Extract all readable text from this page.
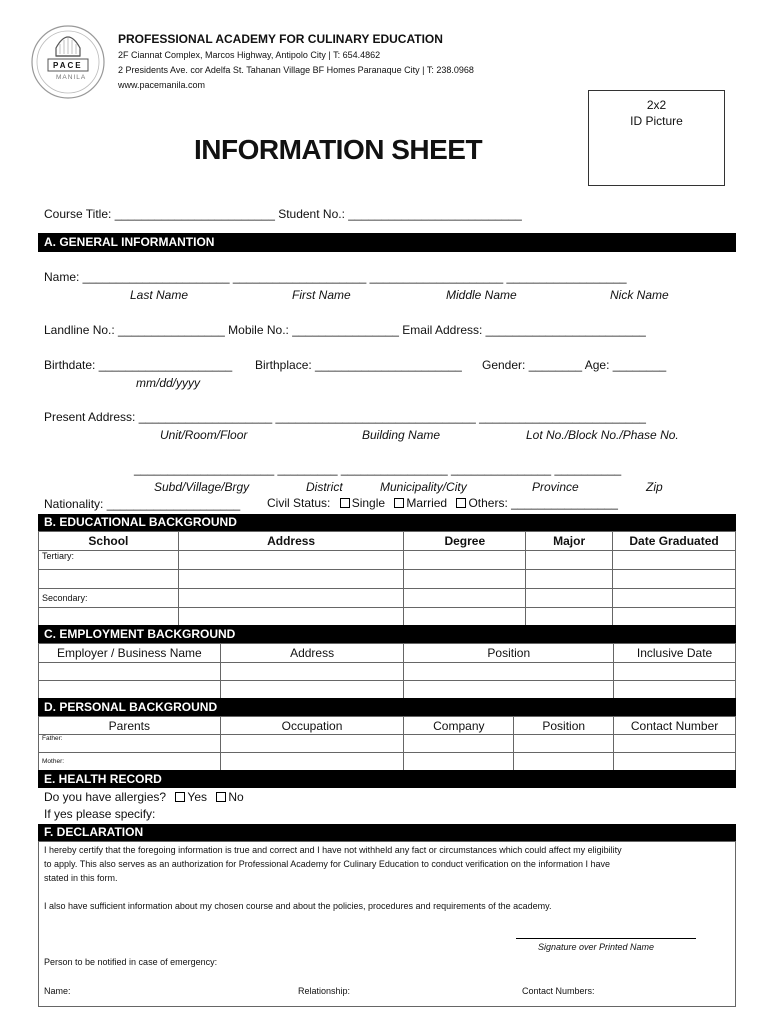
PACE
MANILA
PROFESSIONAL ACADEMY FOR CULINARY EDUCATION
2F Ciannat Complex, Marcos Highway, Antipolo City | T: 654.4862
2 Presidents Ave. cor Adelfa St. Tahanan Village BF Homes Paranaque City | T: 238.0968
www.pacemanila.com
2x2
ID Picture
INFORMATION SHEET
Course Title: ________________________ Student No.: __________________________
A. GENERAL INFORMANTION
Name: ______________________ ____________________ ____________________ __________________
Last Name	First Name	Middle Name	Nick Name
Landline No.: ________________ Mobile No.: ________________ Email Address: ________________________
Birthdate: ____________________ Birthplace: ______________________ Gender: ________ Age: ________
mm/dd/yyyy
Present Address: ____________________ ______________________________ _________________________
Unit/Room/Floor	Building Name	Lot No./Block No./Phase No.
_____________________ _________ ________________ _______________ __________
Subd/Village/Brgy	District	Municipality/City	Province	Zip
Nationality: ____________________ Civil Status: Single Married Others: ________________
B. EDUCATIONAL BACKGROUND
School	Address	Degree	Major	Date Graduated
Tertiary:				

Secondary:				

C. EMPLOYMENT BACKGROUND
Employer / Business Name	Address	Position	Inclusive Date

D. PERSONAL BACKGROUND
Parents	Occupation	Company	Position	Contact Number
Father:				
Mother:				
E. HEALTH RECORD
Do you have allergies? Yes No
If yes please specify:
F. DECLARATION
I hereby certify that the foregoing information is true and correct and I have not withheld any fact or circumstances which could affect my eligibility
to apply. This also serves as an authorization for Professional Academy for Culinary Education to conduct verification on the information I have
stated in this form.
I also have sufficient information about my chosen course and about the policies, procedures and requirements of the academy.
Signature over Printed Name
Person to be notified in case of emergency:
Name:	Relationship:	Contact Numbers:
